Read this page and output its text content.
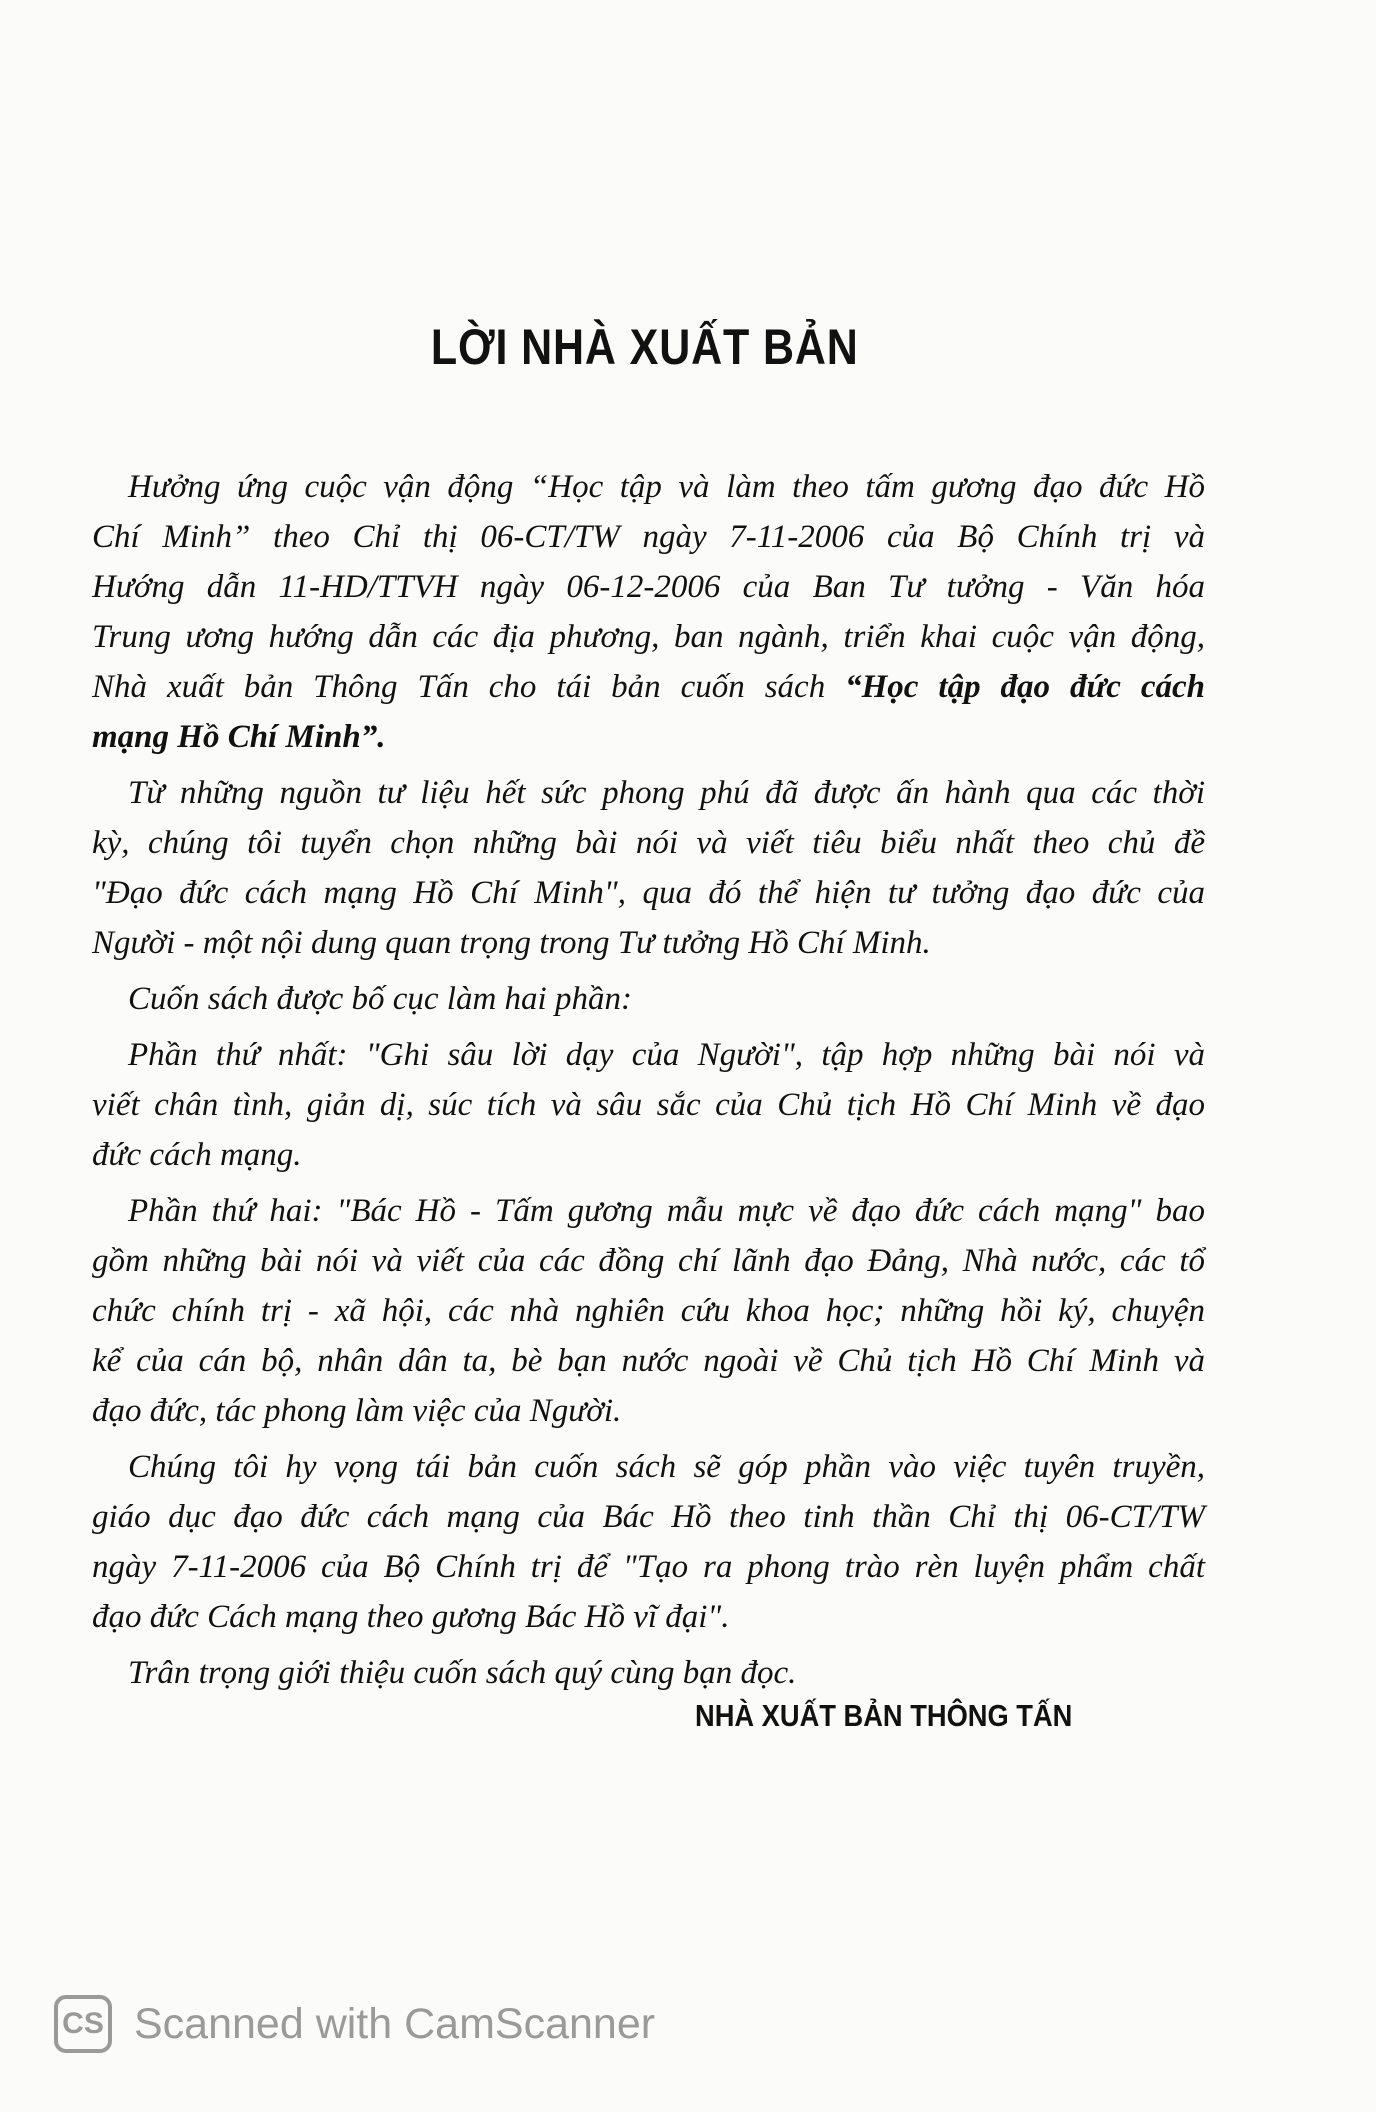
LỜI NHÀ XUẤT BẢN
Hưởng ứng cuộc vận động “Học tập và làm theo tấm gương đạo đức Hồ
Chí Minh” theo Chỉ thị 06-CT/TW ngày 7-11-2006 của Bộ Chính trị và
Hướng dẫn 11-HD/TTVH ngày 06-12-2006 của Ban Tư tưởng - Văn hóa
Trung ương hướng dẫn các địa phương, ban ngành, triển khai cuộc vận động,
Nhà xuất bản Thông Tấn cho tái bản cuốn sách “Học tập đạo đức cách
mạng Hồ Chí Minh”.
Từ những nguồn tư liệu hết sức phong phú đã được ấn hành qua các thời
kỳ, chúng tôi tuyển chọn những bài nói và viết tiêu biểu nhất theo chủ đề
"Đạo đức cách mạng Hồ Chí Minh", qua đó thể hiện tư tưởng đạo đức của
Người - một nội dung quan trọng trong Tư tưởng Hồ Chí Minh.
Cuốn sách được bố cục làm hai phần:
Phần thứ nhất: "Ghi sâu lời dạy của Người", tập hợp những bài nói và
viết chân tình, giản dị, súc tích và sâu sắc của Chủ tịch Hồ Chí Minh về đạo
đức cách mạng.
Phần thứ hai: "Bác Hồ - Tấm gương mẫu mực về đạo đức cách mạng" bao
gồm những bài nói và viết của các đồng chí lãnh đạo Đảng, Nhà nước, các tổ
chức chính trị - xã hội, các nhà nghiên cứu khoa học; những hồi ký, chuyện
kể của cán bộ, nhân dân ta, bè bạn nước ngoài về Chủ tịch Hồ Chí Minh và
đạo đức, tác phong làm việc của Người.
Chúng tôi hy vọng tái bản cuốn sách sẽ góp phần vào việc tuyên truyền,
giáo dục đạo đức cách mạng của Bác Hồ theo tinh thần Chỉ thị 06-CT/TW
ngày 7-11-2006 của Bộ Chính trị để "Tạo ra phong trào rèn luyện phẩm chất
đạo đức Cách mạng theo gương Bác Hồ vĩ đại".
Trân trọng giới thiệu cuốn sách quý cùng bạn đọc.
NHÀ XUẤT BẢN THÔNG TẤN
CS Scanned with CamScanner
